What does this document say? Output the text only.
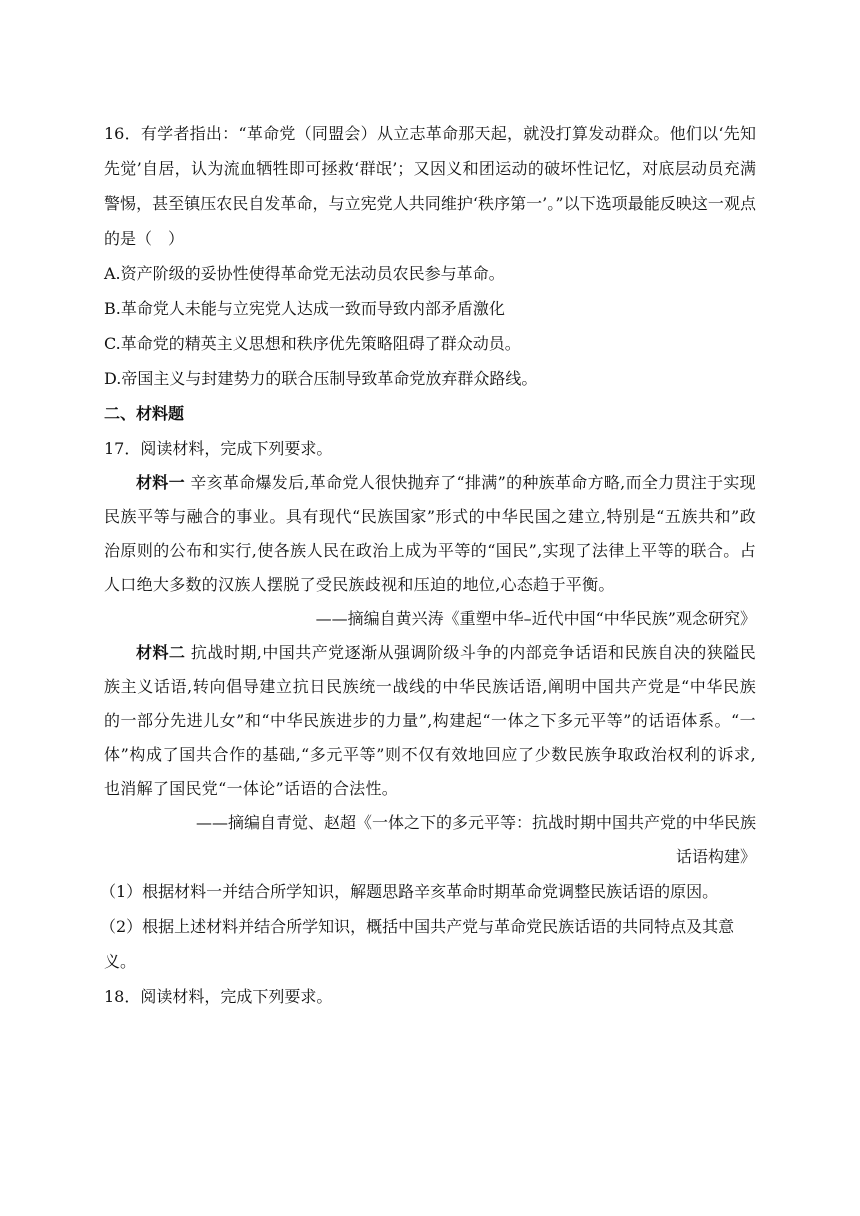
16．有学者指出：“革命党（同盟会）从立志革命那天起，就没打算发动群众。他们以‘先知先觉’自居，认为流血牺牲即可拯救‘群氓’；又因义和团运动的破坏性记忆，对底层动员充满警惕，甚至镇压农民自发革命，与立宪党人共同维护‘秩序第一’。”以下选项最能反映这一观点的是（　）

A.资产阶级的妥协性使得革命党无法动员农民参与革命。

B.革命党人未能与立宪党人达成一致而导致内部矛盾激化

C.革命党的精英主义思想和秩序优先策略阻碍了群众动员。

D.帝国主义与封建势力的联合压制导致革命党放弃群众路线。

二、材料题

17．阅读材料，完成下列要求。

材料一 辛亥革命爆发后,革命党人很快抛弃了“排满”的种族革命方略,而全力贯注于实现民族平等与融合的事业。具有现代“民族国家”形式的中华民国之建立,特别是“五族共和”政治原则的公布和实行,使各族人民在政治上成为平等的“国民”,实现了法律上平等的联合。占人口绝大多数的汉族人摆脱了受民族歧视和压迫的地位,心态趋于平衡。

——摘编自黄兴涛《重塑中华–近代中国“中华民族”观念研究》

材料二 抗战时期,中国共产党逐渐从强调阶级斗争的内部竞争话语和民族自决的狭隘民族主义话语,转向倡导建立抗日民族统一战线的中华民族话语,阐明中国共产党是“中华民族的一部分先进儿女”和“中华民族进步的力量”,构建起“一体之下多元平等”的话语体系。“一体”构成了国共合作的基础,“多元平等”则不仅有效地回应了少数民族争取政治权利的诉求,也消解了国民党“一体论”话语的合法性。

——摘编自青觉、赵超《一体之下的多元平等：抗战时期中国共产党的中华民族

话语构建》

（1）根据材料一并结合所学知识，解题思路辛亥革命时期革命党调整民族话语的原因。

（2）根据上述材料并结合所学知识，概括中国共产党与革命党民族话语的共同特点及其意义。

18．阅读材料，完成下列要求。
